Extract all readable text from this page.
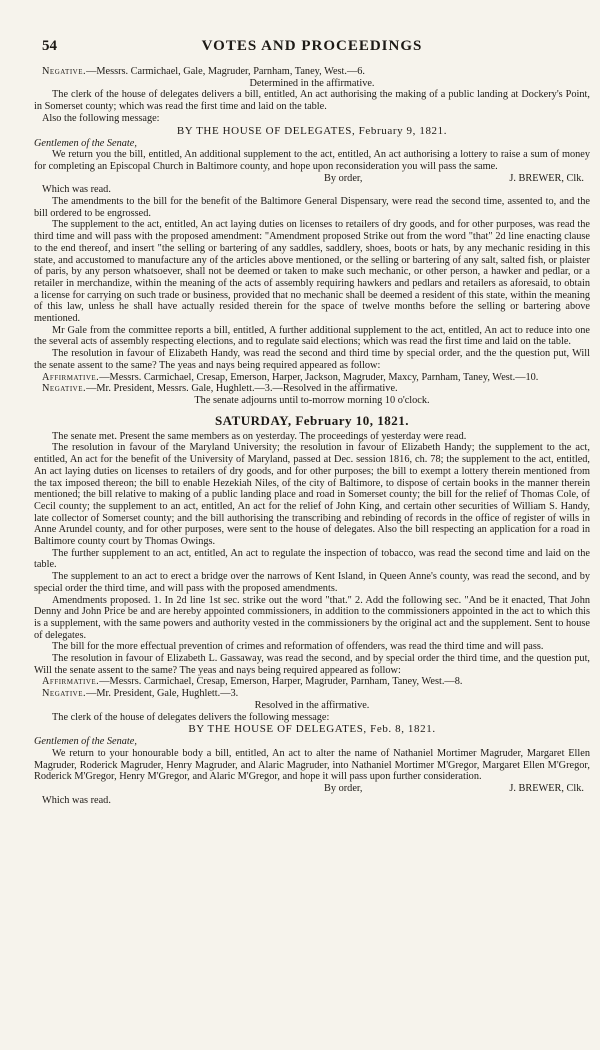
54	VOTES AND PROCEEDINGS

Negative.—Messrs. Carmichael, Gale, Magruder, Parnham, Taney, West.—6.

Determined in the affirmative.

The clerk of the house of delegates delivers a bill, entitled, An act authorising the making of a public landing at Dockery's Point, in Somerset county; which was read the first time and laid on the table.

Also the following message:

BY THE HOUSE OF DELEGATES, February 9, 1821.

Gentlemen of the Senate,

We return you the bill, entitled, An additional supplement to the act, entitled, An act authorising a lottery to raise a sum of money for completing an Episcopal Church in Baltimore county, and hope upon reconsideration you will pass the same.

By order,	J. BREWER, Clk.

Which was read.

The amendments to the bill for the benefit of the Baltimore General Dispensary, were read the second time, assented to, and the bill ordered to be engrossed.

The supplement to the act, entitled, An act laying duties on licenses to retailers of dry goods, and for other purposes, was read the third time and will pass with the proposed amendment: "Amendment proposed Strike out from the word "that" 2d line enacting clause to the end thereof, and insert "the selling or bartering of any saddles, saddlery, shoes, boots or hats, by any mechanic residing in this state, and accustomed to manufacture any of the articles above mentioned, or the selling or bartering of any salt, salted fish, or plaister of paris, by any person whatsoever, shall not be deemed or taken to make such mechanic, or other person, a hawker and pedlar, or a retailer in merchandize, within the meaning of the acts of assembly requiring hawkers and pedlars and retailers as aforesaid, to obtain a license for carrying on such trade or business, provided that no mechanic shall be deemed a resident of this state, within the meaning of this law, unless he shall have actually resided therein for the space of twelve months before the selling or bartering above mentioned.

Mr Gale from the committee reports a bill, entitled, A further additional supplement to the act, entitled, An act to reduce into one the several acts of assembly respecting elections, and to regulate said elections; which was read the first time and laid on the table.

The resolution in favour of Elizabeth Handy, was read the second and third time by special order, and the the question put, Will the senate assent to the same? The yeas and nays being required appeared as follow:

Affirmative.—Messrs. Carmichael, Cresap, Emerson, Harper, Jackson, Magruder, Maxcy, Parnham, Taney, West.—10.

Negative.—Mr. President, Messrs. Gale, Hughlett.—3.—Resolved in the affirmative.

The senate adjourns until to-morrow morning 10 o'clock.
SATURDAY, February 10, 1821.

The senate met. Present the same members as on yesterday. The proceedings of yesterday were read.

The resolution in favour of the Maryland University; the resolution in favour of Elizabeth Handy; the supplement to the act, entitled, An act for the benefit of the University of Maryland, passed at Dec. session 1816, ch. 78; the supplement to the act, entitled, An act laying duties on licenses to retailers of dry goods, and for other purposes; the bill to exempt a lottery therein mentioned from the tax imposed thereon; the bill to enable Hezekiah Niles, of the city of Baltimore, to dispose of certain books in the manner therein mentioned; the bill relative to making of a public landing place and road in Somerset county; the bill for the relief of Thomas Cole, of Cecil county; the supplement to an act, entitled, An act for the relief of John King, and certain other securities of William S. Handy, late collector of Somerset county; and the bill authorising the transcribing and rebinding of records in the office of register of wills in Anne Arundel county, and for other purposes, were sent to the house of delegates. Also the bill respecting an application for a road in Baltimore county court by Thomas Owings.

The further supplement to an act, entitled, An act to regulate the inspection of tobacco, was read the second time and laid on the table.

The supplement to an act to erect a bridge over the narrows of Kent Island, in Queen Anne's county, was read the second, and by special order the third time, and will pass with the proposed amendments.

Amendments proposed. 1. In 2d line 1st sec. strike out the word "that." 2. Add the following sec. "And be it enacted, That John Denny and John Price be and are hereby appointed commissioners, in addition to the commissioners appointed in the act to which this is a supplement, with the same powers and authority vested in the commissioners by the original act and the supplement. Sent to house of delegates.

The bill for the more effectual prevention of crimes and reformation of offenders, was read the third time and will pass.

The resolution in favour of Elizabeth L. Gassaway, was read the second, and by special order the third time, and the question put, Will the senate assent to the same? The yeas and nays being required appeared as follow:

Affirmative.—Messrs. Carmichael, Cresap, Emerson, Harper, Magruder, Parnham, Taney, West.—8.

Negative.—Mr. President, Gale, Hughlett.—3.

Resolved in the affirmative.

The clerk of the house of delegates delivers the following message:

BY THE HOUSE OF DELEGATES, Feb. 8, 1821.

Gentlemen of the Senate,

We return to your honourable body a bill, entitled, An act to alter the name of Nathaniel Mortimer Magruder, Margaret Ellen Magruder, Roderick Magruder, Henry Magruder, and Alaric Magruder, into Nathaniel Mortimer M'Gregor, Margaret Ellen M'Gregor, Roderick M'Gregor, Henry M'Gregor, and Alaric M'Gregor, and hope it will pass upon further consideration.

By order,	J. BREWER, Clk.

Which was read.
